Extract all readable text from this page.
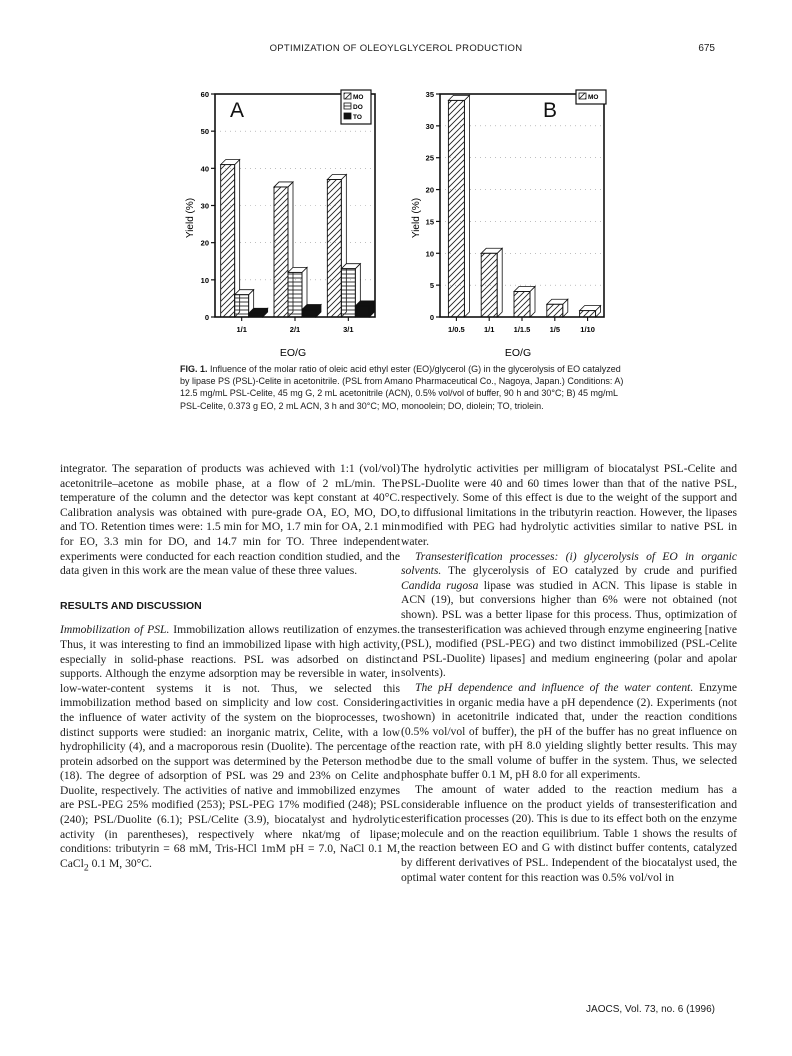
OPTIMIZATION OF OLEOYLGLYCEROL PRODUCTION	675
A
Yield (%)
EO/G
0
10
20
30
40
50
60
1/1	2/1	3/1
MO
DO
TO	B
Yield (%)
EO/G
0
5
10
15
20
25
30
35
1/0.5	1/1	1/1.5	1/5	1/10
MO
FIG. 1. Influence of the molar ratio of oleic acid ethyl ester (EO)/glycerol (G) in the glycerolysis of EO catalyzed by lipase PS (PSL)-Celite in acetonitrile. (PSL from Amano Pharmaceutical Co., Nagoya, Japan.) Conditions: A) 12.5 mg/mL PSL-Celite, 45 mg G, 2 mL acetonitrile (ACN), 0.5% vol/vol of buffer, 90 h and 30°C; B) 45 mg/mL PSL-Celite, 0.373 g EO, 2 mL ACN, 3 h and 30°C; MO, monoolein; DO, diolein; TO, triolein.

integrator. The separation of products was achieved with 1:1 (vol/vol) acetonitrile–acetone as mobile phase, at a flow of 2 mL/min. The temperature of the column and the detector was kept constant at 40°C. Calibration analysis was obtained with pure-grade OA, EO, MO, DO, and TO. Retention times were: 1.5 min for MO, 1.7 min for OA, 2.1 min for EO, 3.3 min for DO, and 14.7 min for TO. Three independent experiments were conducted for each reaction condition studied, and the data given in this work are the mean value of these three values.

RESULTS AND DISCUSSION

Immobilization of PSL. Immobilization allows reutilization of enzymes. Thus, it was interesting to find an immobilized lipase with high activity, especially in solid-phase reactions. PSL was adsorbed on distinct supports. Although the enzyme adsorption may be reversible in water, in low-water-content systems it is not. Thus, we selected this immobilization method based on simplicity and low cost. Considering the influence of water activity of the system on the bioprocesses, two distinct supports were studied: an inorganic matrix, Celite, with a low hydrophilicity (4), and a macroporous resin (Duolite). The percentage of protein adsorbed on the support was determined by the Peterson method (18). The degree of adsorption of PSL was 29 and 23% on Celite and Duolite, respectively. The activities of native and immobilized enzymes are PSL-PEG 25% modified (253); PSL-PEG 17% modified (248); PSL (240); PSL/Duolite (6.1); PSL/Celite (3.9), biocatalyst and hydrolytic activity (in parentheses), respectively where nkat/mg of lipase; conditions: tributyrin = 68 mM, Tris-HCl 1mM pH = 7.0, NaCl 0.1 M, CaCl$_2$ 0.1 M, 30°C.

The hydrolytic activities per milligram of biocatalyst PSL-Celite and PSL-Duolite were 40 and 60 times lower than that of the native PSL, respectively. Some of this effect is due to the weight of the support and to diffusional limitations in the tributyrin reaction. However, the lipases modified with PEG had hydrolytic activities similar to native PSL in water.

Transesterification processes: (i) glycerolysis of EO in organic solvents. The glycerolysis of EO catalyzed by crude and purified Candida rugosa lipase was studied in ACN. This lipase is stable in ACN (19), but conversions higher than 6% were not obtained (not shown). PSL was a better lipase for this process. Thus, optimization of the transesterification was achieved through enzyme engineering [native (PSL), modified (PSL-PEG) and two distinct immobilized (PSL-Celite and PSL-Duolite) lipases] and medium engineering (polar and apolar solvents).

The pH dependence and influence of the water content. Enzyme activities in organic media have a pH dependence (2). Experiments (not shown) in acetonitrile indicated that, under the reaction conditions (0.5% vol/vol of buffer), the pH of the buffer has no great influence on the reaction rate, with pH 8.0 yielding slightly better results. This may be due to the small volume of buffer in the system. Thus, we selected phosphate buffer 0.1 M, pH 8.0 for all experiments.

The amount of water added to the reaction medium has a considerable influence on the product yields of transesterification and esterification processes (20). This is due to its effect both on the enzyme molecule and on the reaction equilibrium. Table 1 shows the results of the reaction between EO and G with distinct buffer contents, catalyzed by different derivatives of PSL. Independent of the biocatalyst used, the optimal water content for this reaction was 0.5% vol/vol in

JAOCS, Vol. 73, no. 6 (1996)
